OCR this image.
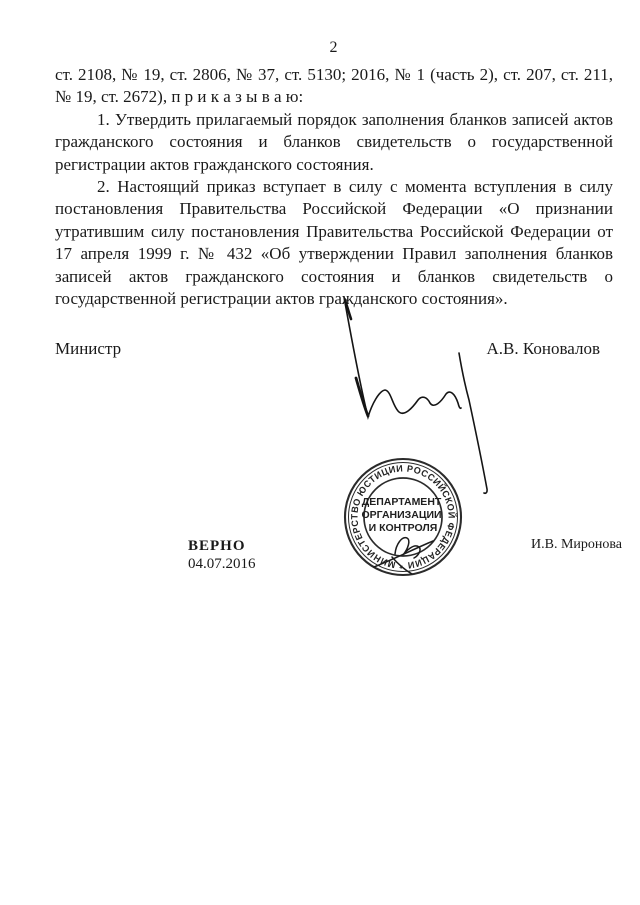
2

ст. 2108, № 19, ст. 2806, № 37, ст. 5130; 2016, № 1 (часть 2), ст. 207, ст. 211, № 19, ст. 2672), п р и к а з ы в а ю:

1. Утвердить прилагаемый порядок заполнения бланков записей актов гражданского состояния и бланков свидетельств о государственной регистрации актов гражданского состояния.

2. Настоящий приказ вступает в силу с момента вступления в силу постановления Правительства Российской Федерации «О признании утратившим силу постановления Правительства Российской Федерации от 17 апреля 1999 г. № 432 «Об утверждении Правил заполнения бланков записей актов гражданского состояния и бланков свидетельств о государственной регистрации актов гражданского состояния».

Министр	А.В. Коновалов
ВЕРНО
04.07.2016
И.В. Миронова
* МИНИСТЕРСТВО ЮСТИЦИИ РОССИЙСКОЙ ФЕДЕРАЦИИ
ДЕПАРТАМЕНТ ОРГАНИЗАЦИИ И КОНТРОЛЯ
